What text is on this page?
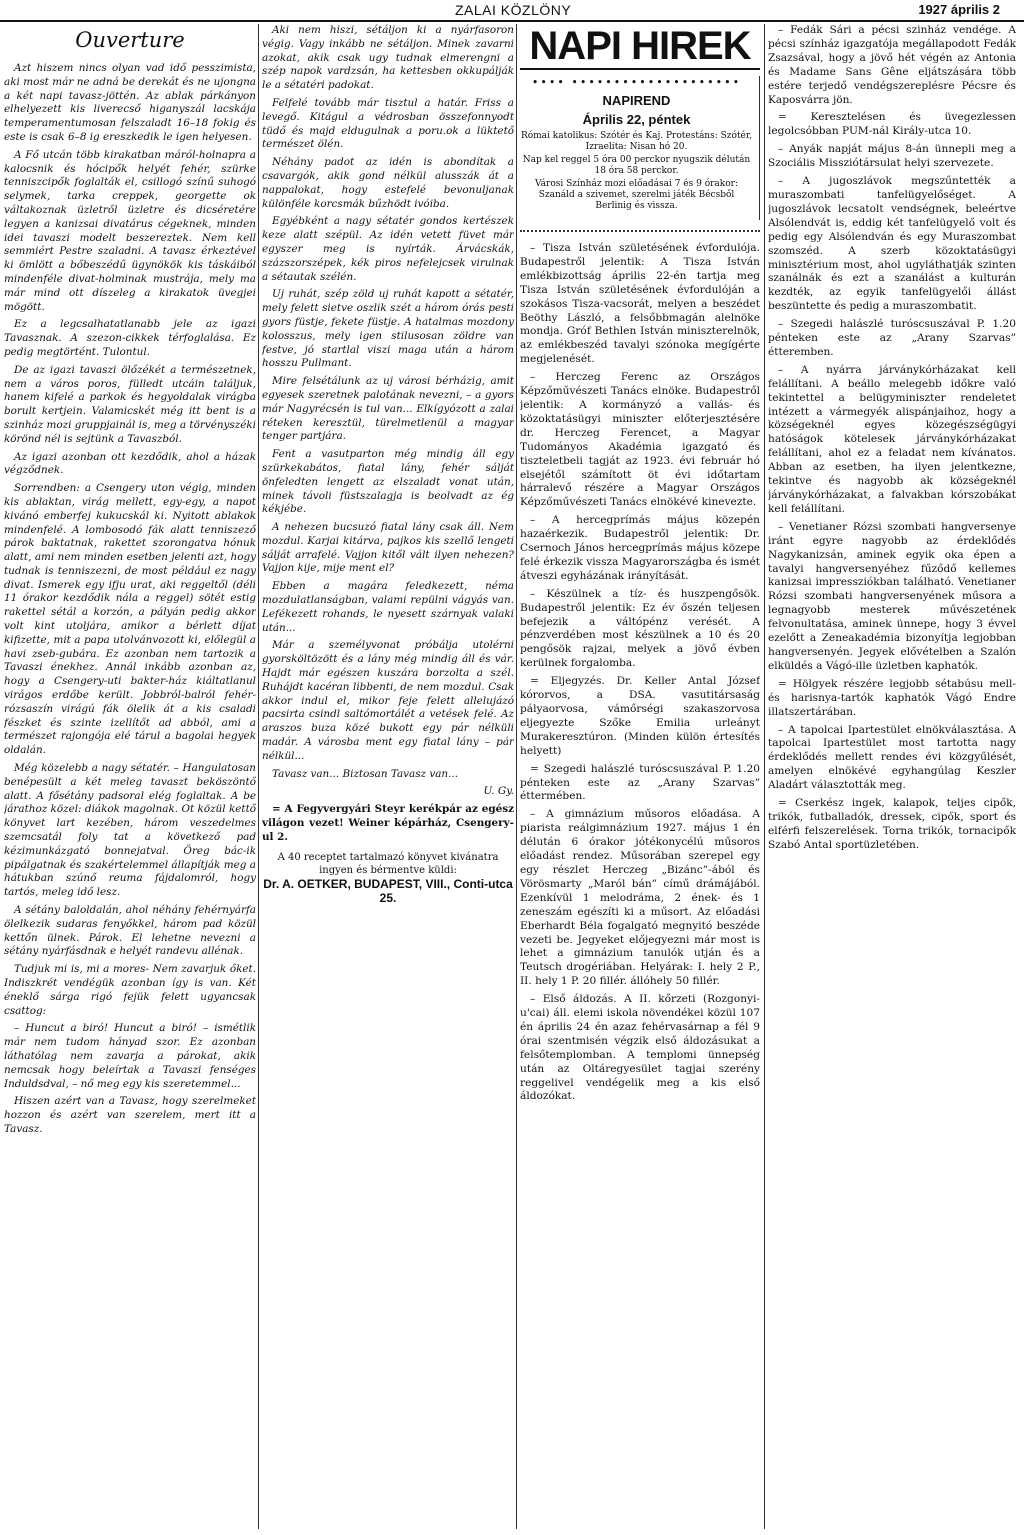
ZALAI KÖZLÖNY	1927 április 2
Ouverture

Azt hiszem nincs olyan vad idő pesszimista, aki most már ne adná be derekát és ne ujongna a két napi tavasz-jöttén. Az ablak párkányon elhelyezett kis liverecső higanyszál lacskája temperamentumosan felszaladt 16–18 fokig és este is csak 6–8 ig ereszkedik le igen helyesen.

A Fő utcán több kirakatban máról-holnapra a kalocsnik és hócipők helyét fehér, szürke tenniszcipők foglalták el, csillogó színű suhogó selymek, tarka creppek, georgette ok váltakoznak üzletről üzletre és dicséretére legyen a kanizsai divatárus cégeknek, minden idei tavaszi modelt beszereztek. Nem kell semmiért Pestre szaladni. A tavasz érkeztével ki ömlött a bőbeszédű ügynökök kis táskáiból mindenféle divat-holminak mustrája, mely ma már mind ott díszeleg a kirakatok üvegjei mögött.

Ez a legcsalhatatlanabb jele az igazi Tavasznak. A szezon-cikkek térfoglalása. Ez pedig megtörtént. Tulontul.

De az igazi tavaszi ölőzékét a természetnek, nem a város poros, fülledt utcáin találjuk, hanem kifelé a parkok és hegyoldalak virágba borult kertjein. Valamicskét még itt bent is a szinház mozi gruppjainál is, meg a törvényszéki körönd nél is sejtünk a Tavaszból.

Az igazi azonban ott kezdődik, ahol a házak végződnek.

Sorrendben: a Csengery uton végig, minden kis ablaktan, virág mellett, egy-egy, a napot kivánó emberfej kukucskál ki. Nyitott ablakok mindenfelé. A lombosodó fák alatt tenniszező párok baktatnak, rakettet szorongatva hónuk alatt, ami nem minden esetben jelenti azt, hogy tudnak is tenniszezni, de most például ez nagy divat. Ismerek egy ifju urat, aki reggeltől (déli 11 órakor kezdődik nála a reggel) sötét estig rakettel sétál a korzón, a pályán pedig akkor volt kint utoljára, amikor a bérlett díjat kifizette, mit a papa utolvánvozott ki, előlegül a havi zseb-gubára. Ez azonban nem tartozik a Tavaszi énekhez. Annál inkább azonban az, hogy a Csengery-uti bakter-ház kiáltatlanul virágos erdőbe került. Jobbról-balról fehér-rózsaszín virágú fák ölelik át a kis csaladi fészket és szinte izellítőt ad abból, ami a természet rajongója elé tárul a bagolai hegyek oldalán.

Még közelebb a nagy sétatér. – Hangulatosan benépesült a két meleg tavaszt beköszöntő alatt. A fősétány padsoral elég foglaltak. A be járathoz közel: diákok magolnak. Ot közül kettő könyvet lart kezében, három veszedelmes szemcsatál foly tat a következő pad kézimunkázgató bonnejatval. Öreg bác-ik pipálgatnak és szakértelemmel állapítják meg a hátukban szúnő reuma fájdalomról, hogy tartós, meleg idő lesz.

A sétány baloldalán, ahol néhány fehérnyárfa ölelkezik sudaras fenyőkkel, három pad közül kettőn ülnek. Párok. El lehetne nevezni a sétány nyárfásdnak e helyét randevu allénak.

Tudjuk mi is, mi a mores- Nem zavarjuk őket. Indiszkrét vendégük azonban így is van. Két éneklő sárga rigó fejük felett ugyancsak csattog:

– Huncut a biró! Huncut a biró! – ismétlik már nem tudom hányad szor. Ez azonban láthatólag nem zavarja a párokat, akik nemcsak hogy beleírtak a Tavaszi fenséges Induldsdval, – nő meg egy kis szeretemmel...

Hiszen azért van a Tavasz, hogy szerelmeket hozzon és azért van szerelem, mert itt a Tavasz.

Aki nem hiszi, sétáljon ki a nyárfasoron végig. Vagy inkább ne sétáljon. Minek zavarni azokat, akik csak ugy tudnak elmerengni a szép napok vardzsán, ha kettesben okkupálják le a sétatéri padokat.

Felfelé tovább már tisztul a határ. Friss a levegő. Kitágul a védrosban összefonnyodt tüdő és majd eldugulnak a poru.ok a lüktető természet ölén.

Néhány padot az idén is abondítak a csavargók, akik gond nélkül alusszák át a nappalokat, hogy estefelé bevonuljanak különféle korcsmák bűzhödt ivóiba.

Egyébként a nagy sétatér gondos kertészek keze alatt szépül. Az idén vetett füvet már egyszer meg is nyírták. Árvácskák, százszorszépek, kék piros nefelejcsek virulnak a sétautak szélén.

Uj ruhát, szép zöld uj ruhát kapott a sétatér, mely felett sietve oszlik szét a három órás pesti gyors füstje, fekete füstje. A hatalmas mozdony kolosszus, mely igen stilusosan zöldre van festve, jó startlal viszi maga után a három hosszu Pullmant.

Mire felsétálunk az uj városi bérházig, amit egyesek szeretnek palotának nevezni, – a gyors már Nagyrécsén is tul van... Elkígyózott a zalai réteken keresztül, türelmetlenül a magyar tenger partjára.

Fent a vasutparton még mindig áll egy szürkekabátos, fiatal lány, fehér sálját önfeledten lengett az elszaladt vonat után, minek távoli füstszalagja is beolvadt az ég kékjébe.

A nehezen bucsuzó fiatal lány csak áll. Nem mozdul. Karjai kitárva, pajkos kis szellő lengeti sálját arrafelé. Vajjon kitől vált ilyen nehezen? Vajjon kije, mije ment el?

Ebben a magára feledkezett, néma mozdulatlanságban, valami repülni vágyás van. Lefékezett rohands, le nyesett szárnyak valaki után...

Már a személyvonat próbálja utolérni gyorsköltözött és a lány még mindig áll és vár. Hajdt már egészen kuszára borzolta a szél. Ruhájdt kacéran libbenti, de nem mozdul. Csak akkor indul el, mikor feje felett allelujázó pacsirta csindl saltómortálét a vetések felé. Az araszos buza közé bukott egy pár nélküli madár. A városba ment egy fiatal lány – pár nélkül...

Tavasz van... Biztosan Tavasz van...

U. Gy.

= A Fegyvergyári Steyr kerékpár az egész világon vezet! Weiner képárház, Csengery-ul 2.

A 40 receptet tartalmazó könyvet kivánatra ingyen és bérmentve küldi:
Dr. A. OETKER, BUDAPEST, VIII., Conti-utca 25.
NAPI HIREK
•••• ••••••••••••••••••••
NAPIREND
Április 22, péntek
Római katolikus: Szótér és Kaj. Protestáns: Szótér, Izraelita: Nisan hó 20.
Nap kel reggel 5 óra 00 perckor nyugszik délután 18 óra 58 perckor.
Városi Színház mozi előadásai 7 és 9 órakor: Szanáld a szivemet, szerelmi játék Bécsből Berlinig és vissza.

– Tisza István születésének évfordulója. Budapestről jelentik: A Tisza István emlékbizottság április 22-én tartja meg Tisza István születésének évfordulóján a szokásos Tisza-vacsorát, melyen a beszédet Beöthy László, a felsőbbmagán alelnöke mondja. Gróf Bethlen István miniszterelnök, az emlékbeszéd tavalyi szónoka megígérte megjelenését.

– Herczeg Ferenc az Országos Képzőművészeti Tanács elnöke. Budapestről jelentik: A kormányzó a vallás- és közoktatásügyi miniszter előterjesztésére dr. Herczeg Ferencet, a Magyar Tudományos Akadémia igazgató és tiszteletbeli tagját az 1923. évi február hó elsejétől számított öt évi időtartam hárralevő részére a Magyar Országos Képzőművészeti Tanács elnökévé kinevezte.

– A hercegprímás május közepén hazaérkezik. Budapestről jelentik: Dr. Csernoch János hercegprímás május közepe felé érkezik vissza Magyarországba és ismét átveszi egyházának irányítását.

– Készülnek a tíz- és huszpengősök. Budapestről jelentik: Ez év őszén teljesen befejezik a váltópénz verését. A pénzverdében most készülnek a 10 és 20 pengősök rajzai, melyek a jövő évben kerülnek forgalomba.

= Eljegyzés. Dr. Keller Antal József kórorvos, a DSA. vasutitársaság pályaorvosa, vámőrségi szakaszorvosa eljegyezte Szőke Emilia urleányt Murakeresztúron. (Minden külön értesítés helyett)

= Szegedi halászlé turóscsuszával P. 1.20 pénteken este az „Arany Szarvas” éttermében.

– A gimnázium műsoros előadása. A piarista reálgimnázium 1927. május 1 én délután 6 órakor jótékonycélú műsoros előadást rendez. Műsorában szerepel egy egy részlet Herczeg „Bizánc”-ából és Vörösmarty „Maról bán” című drámájából. Ezenkívül 1 melodráma, 2 ének- és 1 zeneszám egészíti ki a műsort. Az előadási Eberhardt Béla fogalgató megnyitó beszéde vezeti be. Jegyeket előjegyezni már most is lehet a gimnázium tanulók utján és a Teutsch drogériában. Helyárak: I. hely 2 P., II. hely 1 P. 20 fillér. állóhely 50 fillér.

– Első áldozás. A II. kőrzeti (Rozgonyi-u'cai) áll. elemi iskola növendékei közül 107 én április 24 én azaz fehérvasárnap a fél 9 órai szentmisén végzik első áldozásukat a felsőtemplomban. A templomi ünnepség után az Oltáregyesület tagjai szerény reggelivel vendégelik meg a kis első áldozókat.

– Fedák Sári a pécsi szinház vendége. A pécsi színház igazgatója megállapodott Fedák Zsazsával, hogy a jövő hét végén az Antonia és Madame Sans Gêne eljátszására több estére terjedő vendégszereplésre Pécsre és Kaposvárra jön.

= Keresztelésen és üvegezlessen legolcsóbban PUM-nál Király-utca 10.

– Anyák napját május 8-án ünnepli meg a Szociális Missziótársulat helyi szervezete.

– A jugoszlávok megszűntették a muraszombati tanfelügyelőséget. A jugoszlávok lecsatolt vendségnek, beleértve Alsólendvát is, eddig két tanfelügyelő volt és pedig egy Alsólendván és egy Muraszombat szomszéd. A szerb közoktatásügyi minisztérium most, ahol ugyláthatják szinten szanálnák és ezt a szanálást a kulturán kezdték, az egyik tanfelügyelői állást beszüntette és pedig a muraszombatit.

– Szegedi halászlé turóscsuszával P. 1.20 pénteken este az „Arany Szarvas” étteremben.

– A nyárra járványkórházakat kell felállítani. A beállo melegebb időkre való tekintettel a belügyminiszter rendeletet intézett a vármegyék alispánjaihoz, hogy a községeknél egyes közegészségügyi hatóságok kötelesek járványkórházakat felállítani, ahol ez a feladat nem kívánatos. Abban az esetben, ha ilyen jelentkezne, tekintve és nagyobb ak községeknél járványkórházakat, a falvakban kórszobákat kell felállítani.

– Venetianer Rózsi szombati hangversenye iránt egyre nagyobb az érdeklődés Nagykanizsán, aminek egyik oka épen a tavalyi hangversenyéhez fűződő kellemes kanizsai impressziókban található. Venetianer Rózsi szombati hangversenyének műsora a legnagyobb mesterek művészetének felvonultatása, aminek ünnepe, hogy 3 évvel ezelőtt a Zeneakadémia bizonyítja legjobban hangversenyén. Jegyek elővételben a Szalón elküldés a Vágó-ille üzletben kaphatók.

= Hölgyek részére legjobb sétabúsu mell- és harisnya-tartók kaphatók Vágó Endre illatszertárában.

– A tapolcai Ipartestület elnökválasztása. A tapolcai Ipartestület most tartotta nagy érdeklődés mellett rendes évi közgyűlését, amelyen elnökévé egyhangúlag Keszler Aladárt választották meg.

= Cserkész ingek, kalapok, teljes cipők, trikók, futballadók, dressek, cipők, sport és elférfi felszerelések. Torna trikók, tornacipők Szabó Antal sportüzletében.
